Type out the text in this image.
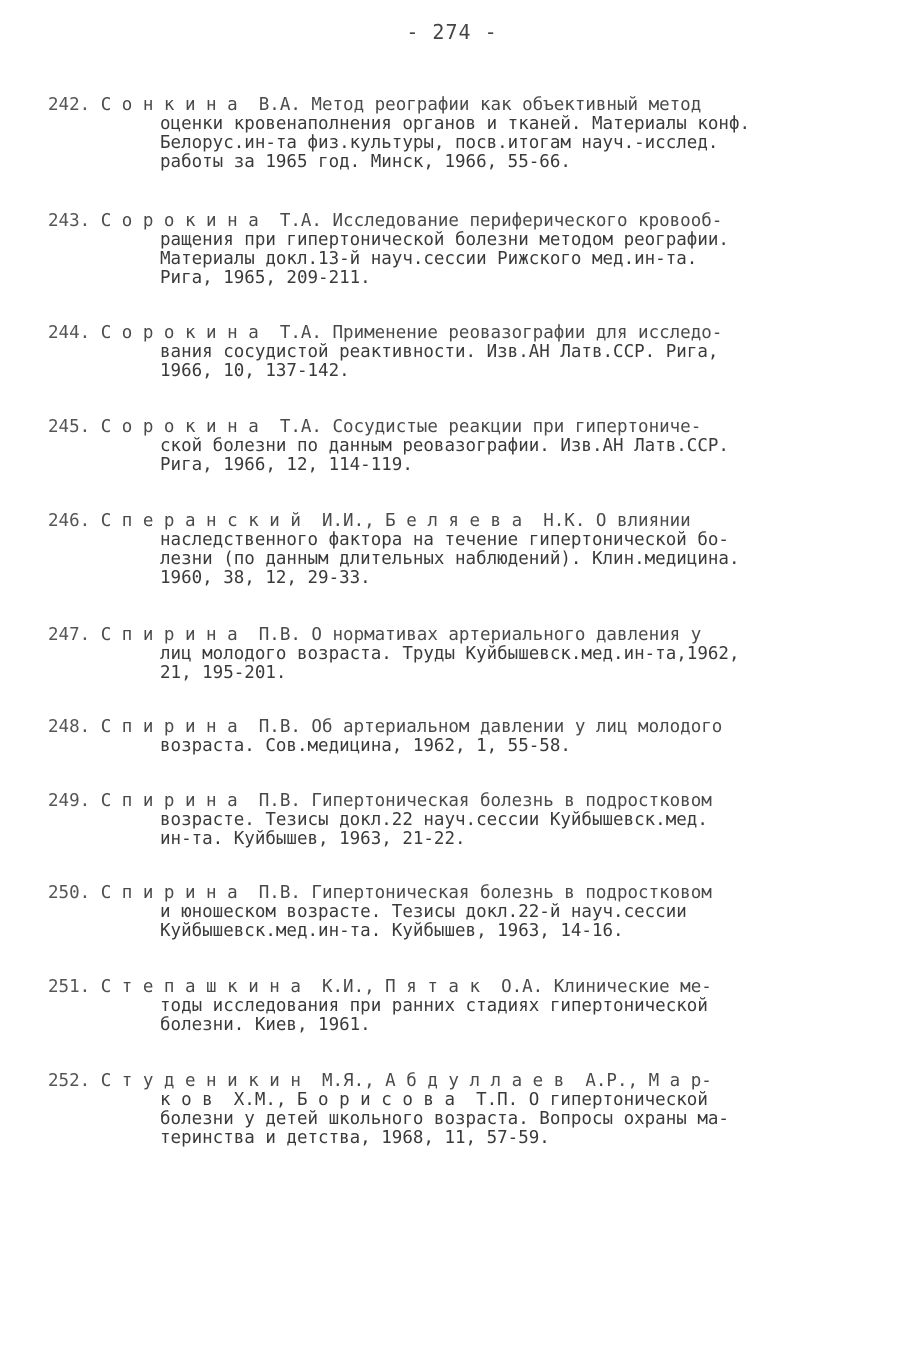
- 274 -
242. С о н к и н а  В.А. Метод реографии как объективный метод
оценки кровенаполнения органов и тканей. Материалы конф.
Белорус.ин-та физ.культуры, посв.итогам науч.-исслед.
работы за 1965 год. Минск, 1966, 55-66.
243. С о р о к и н а  Т.А. Исследование периферического кровооб-
ращения при гипертонической болезни методом реографии.
Материалы докл.13-й науч.сессии Рижского мед.ин-та.
Рига, 1965, 209-211.
244. С о р о к и н а  Т.А. Применение реовазографии для исследо-
вания сосудистой реактивности. Изв.АН Латв.ССР. Рига,
1966, 10, 137-142.
245. С о р о к и н а  Т.А. Сосудистые реакции при гипертониче-
ской болезни по данным реовазографии. Изв.АН Латв.ССР.
Рига, 1966, 12, 114-119.
246. С п е р а н с к и й  И.И., Б е л я е в а  Н.К. О влиянии
наследственного фактора на течение гипертонической бо-
лезни (по данным длительных наблюдений). Клин.медицина.
1960, 38, 12, 29-33.
247. С п и р и н а  П.В. О нормативах артериального давления у
лиц молодого возраста. Труды Куйбышевск.мед.ин-та,1962,
21, 195-201.
248. С п и р и н а  П.В. Об артериальном давлении у лиц молодого
возраста. Сов.медицина, 1962, 1, 55-58.
249. С п и р и н а  П.В. Гипертоническая болезнь в подростковом
возрасте. Тезисы докл.22 науч.сессии Куйбышевск.мед.
ин-та. Куйбышев, 1963, 21-22.
250. С п и р и н а  П.В. Гипертоническая болезнь в подростковом
и юношеском возрасте. Тезисы докл.22-й науч.сессии
Куйбышевск.мед.ин-та. Куйбышев, 1963, 14-16.
251. С т е п а ш к и н а  К.И., П я т а к  О.А. Клинические ме-
тоды исследования при ранних стадиях гипертонической
болезни. Киев, 1961.
252. С т у д е н и к и н  М.Я., А б д у л л а е в  А.Р., М а р-
к о в  Х.М., Б о р и с о в а  Т.П. О гипертонической
болезни у детей школьного возраста. Вопросы охраны ма-
теринства и детства, 1968, 11, 57-59.
